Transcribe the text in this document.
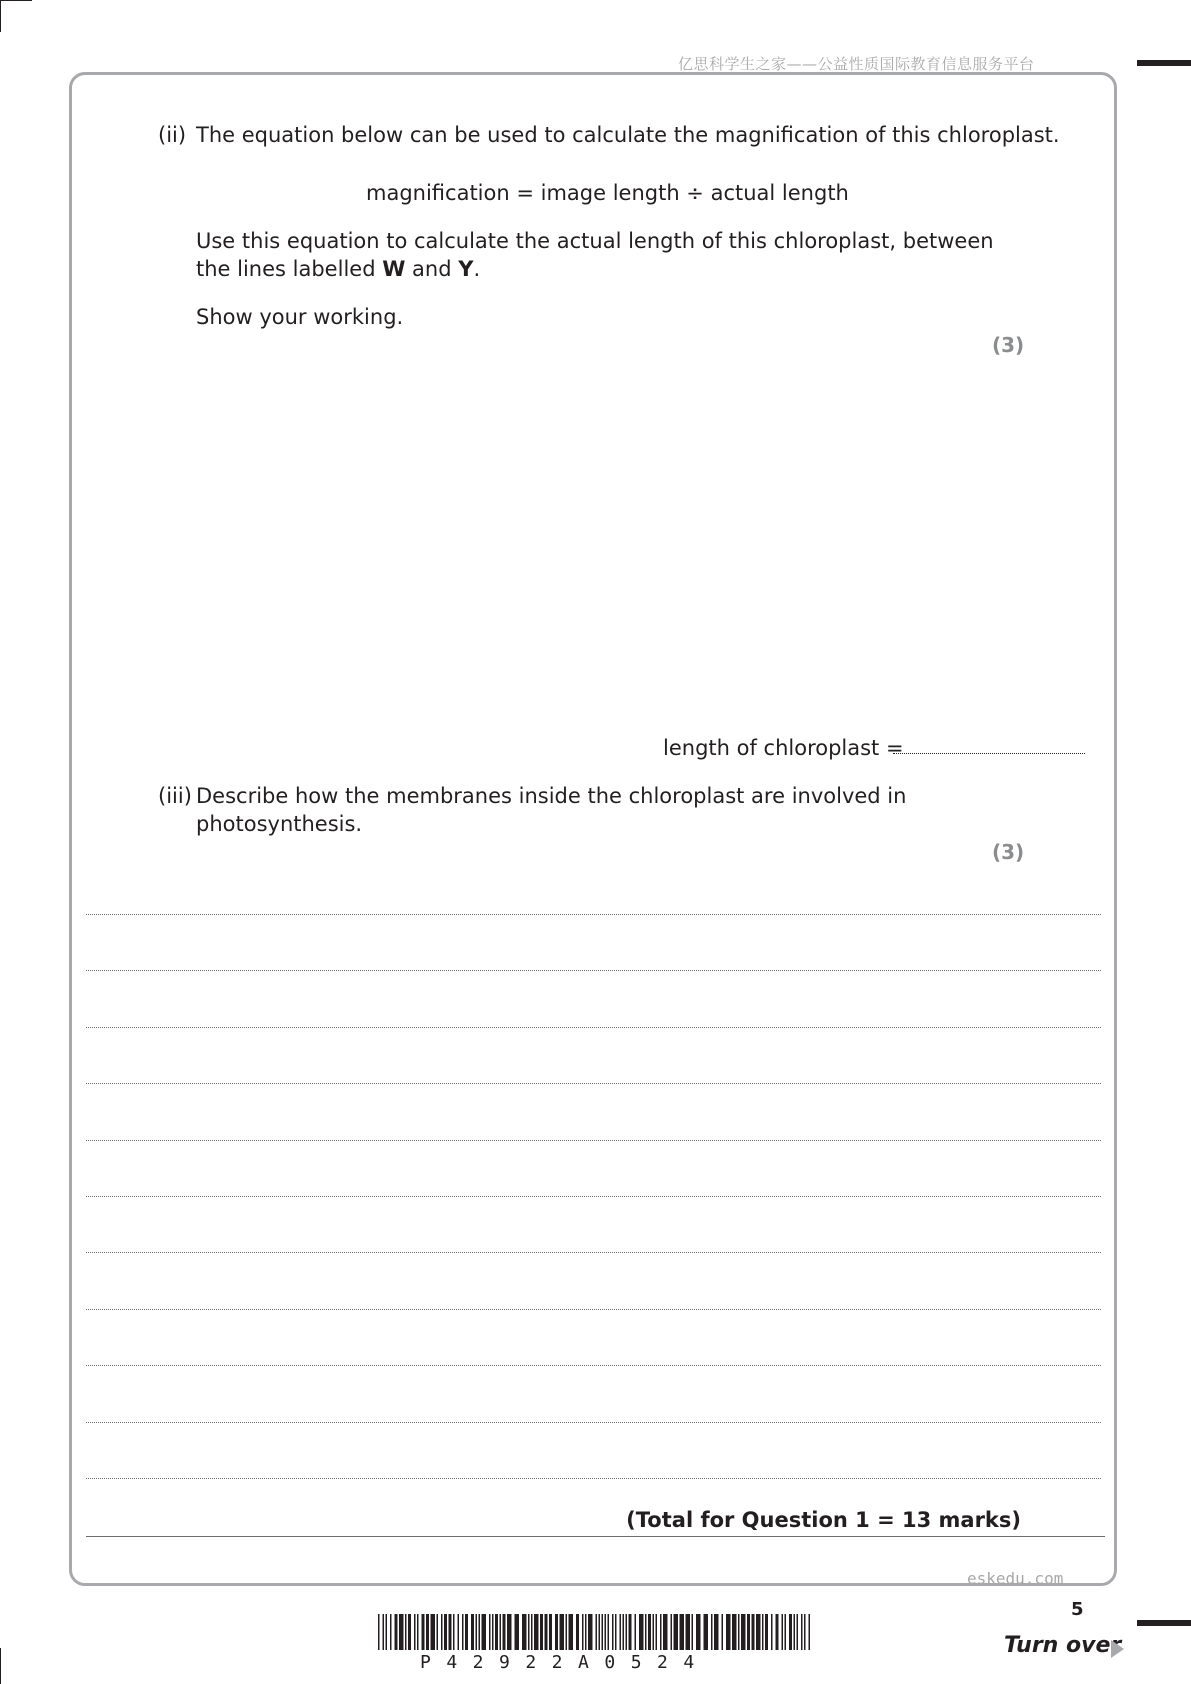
亿思科学生之家——公益性质国际教育信息服务平台
(ii) The equation below can be used to calculate the magnification of this chloroplast.
magnification = image length ÷ actual length
Use this equation to calculate the actual length of this chloroplast, between
the lines labelled W and Y.
Show your working.
(3)
length of chloroplast =
(iii) Describe how the membranes inside the chloroplast are involved in
photosynthesis.
(3)
(Total for Question 1 = 13 marks)
eskedu.com
5
P42922A0524
Turn over
